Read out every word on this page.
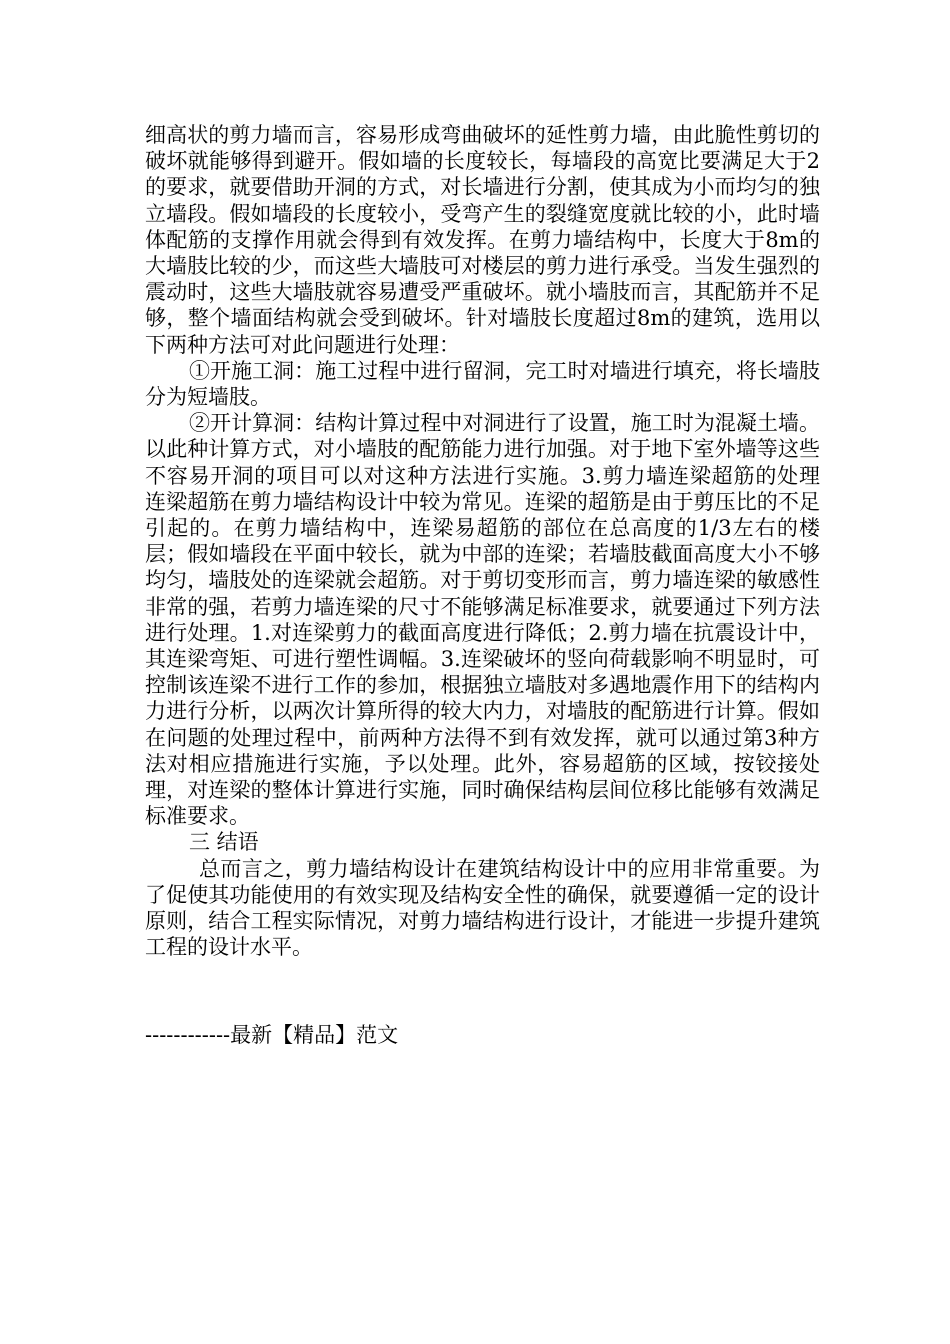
细高状的剪力墙而言，容易形成弯曲破坏的延性剪力墙，由此脆性剪切的破坏就能够得到避开。假如墙的长度较长，每墙段的高宽比要满足大于2的要求，就要借助开洞的方式，对长墙进行分割，使其成为小而均匀的独立墙段。假如墙段的长度较小，受弯产生的裂缝宽度就比较的小，此时墙体配筋的支撑作用就会得到有效发挥。在剪力墙结构中，长度大于8m的大墙肢比较的少，而这些大墙肢可对楼层的剪力进行承受。当发生强烈的震动时，这些大墙肢就容易遭受严重破坏。就小墙肢而言，其配筋并不足够，整个墙面结构就会受到破坏。针对墙肢长度超过8m的建筑，选用以下两种方法可对此问题进行处理：

①开施工洞：施工过程中进行留洞，完工时对墙进行填充，将长墙肢分为短墙肢。

②开计算洞：结构计算过程中对洞进行了设置，施工时为混凝土墙。以此种计算方式，对小墙肢的配筋能力进行加强。对于地下室外墙等这些不容易开洞的项目可以对这种方法进行实施。3.剪力墙连梁超筋的处理 连梁超筋在剪力墙结构设计中较为常见。连梁的超筋是由于剪压比的不足引起的。在剪力墙结构中，连梁易超筋的部位在总高度的1/3左右的楼层；假如墙段在平面中较长，就为中部的连梁；若墙肢截面高度大小不够均匀，墙肢处的连梁就会超筋。对于剪切变形而言，剪力墙连梁的敏感性非常的强，若剪力墙连梁的尺寸不能够满足标准要求，就要通过下列方法进行处理。1.对连梁剪力的截面高度进行降低；2.剪力墙在抗震设计中，其连梁弯矩、可进行塑性调幅。3.连梁破坏的竖向荷载影响不明显时，可控制该连梁不进行工作的参加，根据独立墙肢对多遇地震作用下的结构内力进行分析，以两次计算所得的较大内力，对墙肢的配筋进行计算。假如在问题的处理过程中，前两种方法得不到有效发挥，就可以通过第3种方法对相应措施进行实施，予以处理。此外，容易超筋的区域，按铰接处理，对连梁的整体计算进行实施，同时确保结构层间位移比能够有效满足标准要求。

三 结语

总而言之，剪力墙结构设计在建筑结构设计中的应用非常重要。为了促使其功能使用的有效实现及结构安全性的确保，就要遵循一定的设计原则，结合工程实际情况，对剪力墙结构进行设计，才能进一步提升建筑工程的设计水平。

------------最新【精品】范文
